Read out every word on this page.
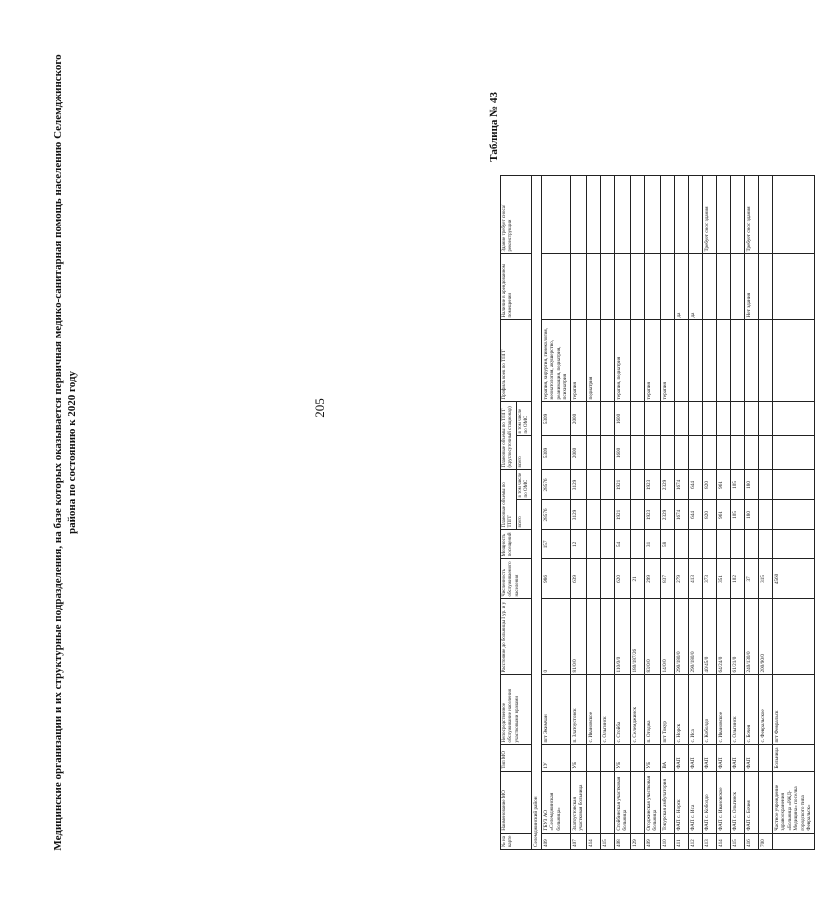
205
Медицинские организации и их структурные подразделения, на базе которых оказывается первичная медико-санитарная помощь населению Селемджинского района по состоянию к 2020 году
Таблица № 43
№ на карте	Наименование МО	Тип МО	Непосредственное обслуживание населения участковыми врачами	Расстояние до больницы I ур. и у	Численность обслуживаемого населения	Мощность посещений	Плановые объемы по ТПГГ		Плановые объемы по ТПГГ (круглосуточный стационар)		Профиль коек по ТПГГ	Наличие в арендованном помещении	Здание требует сноса/реконструкции
							всего	в том числе по ОМС	всего	в том числе по ОМС			
Селемджинский район													
409	ГБУЗ АО «Селемджинская больница»	1У	пгт Экимчан	0	986	157	28576	28576	5309	5309	терапия, хирургия, гинекология, неонатология, акушерство, реанимация, педиатрия, психиатрия		
407	Златоустовская участковая больница	УБ	п. Златоустовск	81/0/0	639	12	3129	3129	2000	2000	терапия		
414			с. Ивановское								педиатрия		
415			с. Ольгинск										
408	Стойбинская участковая больница	УБ	с. Стойба	110/0/0	620	54	1921	1921	1600	1600	терапия, педиатрия		
129			с. Селемджинск	180/187/26	21								
409	Огоджинская участковая больница	УБ	п. Огоджа	83/0/0	299	31	1923	1923			терапия		
410	Токурская амбулатория	ВА	пгт Токур	14/0/0	837	58	2329	2329			терапия		
411	ФАП с. Норск	ФАП	с. Норск	290/180/0	279		1674	1674				да	
412	ФАП с. Иса	ФАП	с. Иса	290/180/0	413		644	644				да	
413	ФАП с. Коболдо	ФАП	с. Коболдо	40/45/0	373		820	820					Требует снос здания
414	ФАП с. Ивановское	ФАП	с. Ивановское	64/24/0	351		961	961					
415	ФАП с. Ольгинск	ФАП	с. Ольгинск	61/21/0	102		105	105					
416	ФАП с. Бочея	ФАП	с. Бочея	240/130/0	37		180	180				Нет здания	Требует снос здания
700			с. Февральское	200/90/0	315								
	Частное учреждение здравоохранения «Больница «РЖД-Медицина» поселка городского типа Февральск»	Больница	пгт Февральск		4560								
